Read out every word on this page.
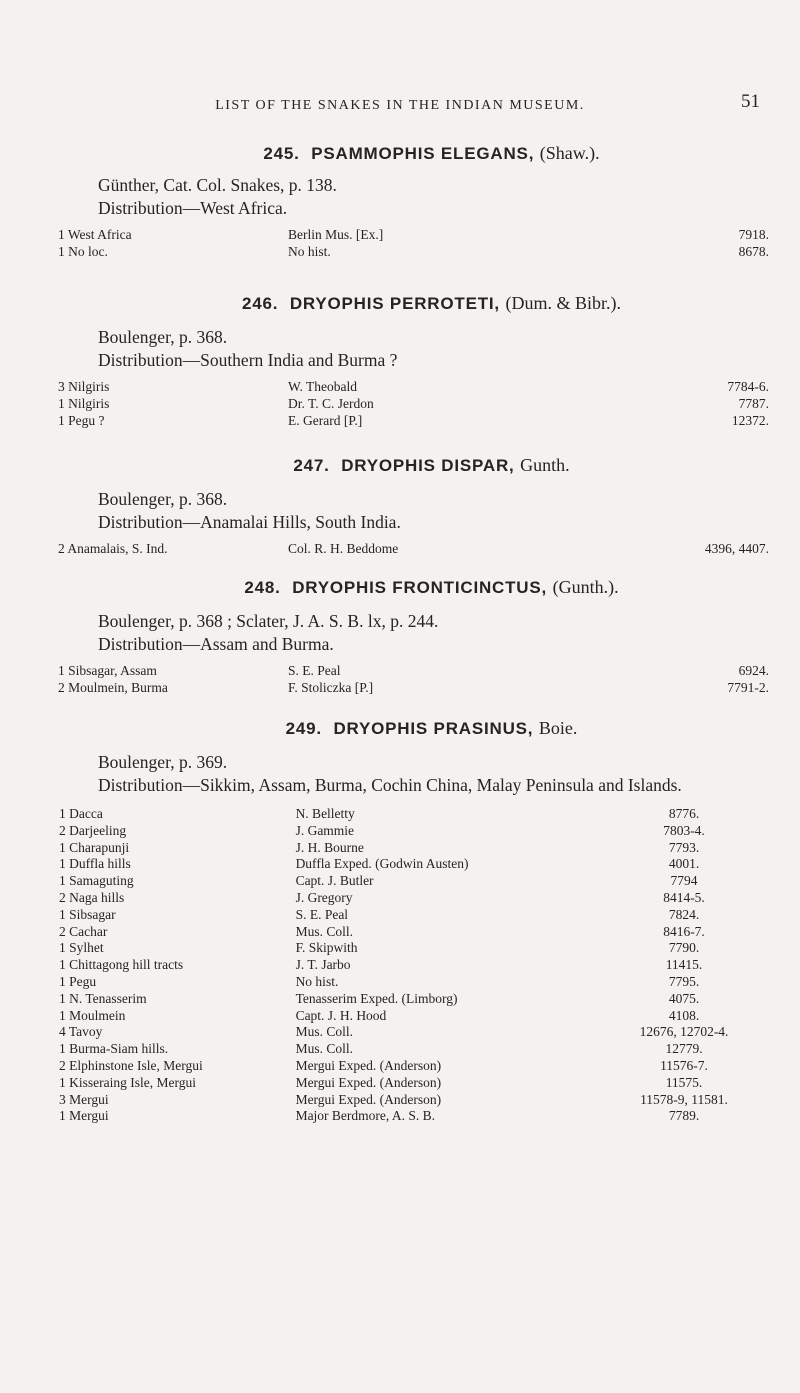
LIST OF THE SNAKES IN THE INDIAN MUSEUM.	51
245. PSAMMOPHIS ELEGANS, (Shaw.).
Günther, Cat. Col. Snakes, p. 138.
Distribution—West Africa.
1 West Africa	Berlin Mus. [Ex.]	7918.
1 No loc.	No hist.	8678.
246. DRYOPHIS PERROTETI, (Dum. & Bibr.).
Boulenger, p. 368.
Distribution—Southern India and Burma ?
3 Nilgiris	W. Theobald	7784-6.
1 Nilgiris	Dr. T. C. Jerdon	7787.
1 Pegu ?	E. Gerard [P.]	12372.
247. DRYOPHIS DISPAR, Gunth.
Boulenger, p. 368.
Distribution—Anamalai Hills, South India.
2 Anamalais, S. Ind.	Col. R. H. Beddome	4396, 4407.
248. DRYOPHIS FRONTICINCTUS, (Gunth.).
Boulenger, p. 368 ; Sclater, J. A. S. B. lx, p. 244.
Distribution—Assam and Burma.
1 Sibsagar, Assam	S. E. Peal	6924.
2 Moulmein, Burma	F. Stoliczka [P.]	7791-2.
249. DRYOPHIS PRASINUS, Boie.
Boulenger, p. 369.
Distribution—Sikkim, Assam, Burma, Cochin China, Malay Peninsula and Islands.
1 Dacca	N. Belletty	8776.
2 Darjeeling	J. Gammie	7803-4.
1 Charapunji	J. H. Bourne	7793.
1 Duffla hills	Duffla Exped. (Godwin Austen)	4001.
1 Samaguting	Capt. J. Butler	7794
2 Naga hills	J. Gregory	8414-5.
1 Sibsagar	S. E. Peal	7824.
2 Cachar	Mus. Coll.	8416-7.
1 Sylhet	F. Skipwith	7790.
1 Chittagong hill tracts	J. T. Jarbo	11415.
1 Pegu	No hist.	7795.
1 N. Tenasserim	Tenasserim Exped. (Limborg)	4075.
1 Moulmein	Capt. J. H. Hood	4108.
4 Tavoy	Mus. Coll.	12676, 12702-4.
1 Burma-Siam hills.	Mus. Coll.	12779.
2 Elphinstone Isle, Mergui	Mergui Exped. (Anderson)	11576-7.
1 Kisseraing Isle, Mergui	Mergui Exped. (Anderson)	11575.
3 Mergui	Mergui Exped. (Anderson)	11578-9, 11581.
1 Mergui	Major Berdmore, A. S. B.	7789.
